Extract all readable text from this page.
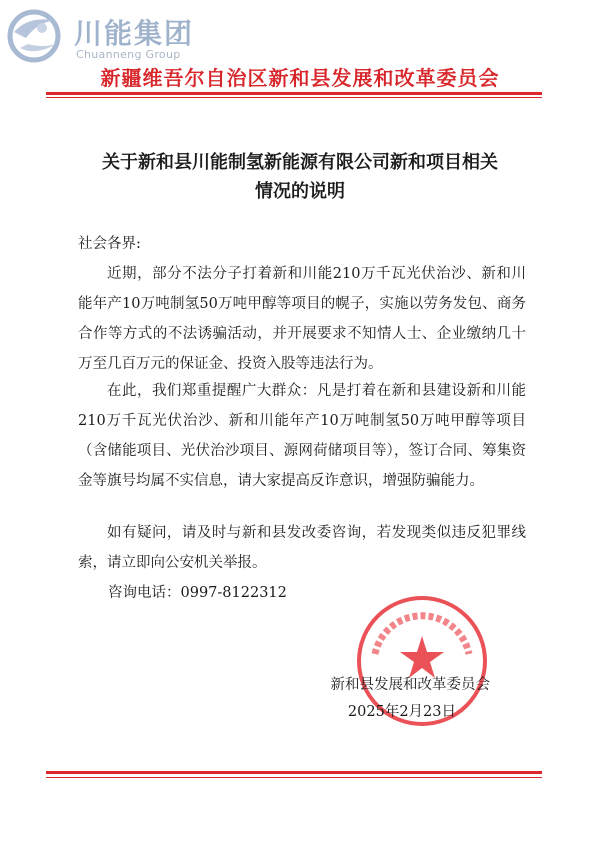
川能集团
Chuanneng Group
新疆维吾尔自治区新和县发展和改革委员会
关于新和县川能制氢新能源有限公司新和项目相关
情况的说明
社会各界:
近期，部分不法分子打着新和川能210万千瓦光伏治沙、新和川能年产10万吨制氢50万吨甲醇等项目的幌子，实施以劳务发包、商务合作等方式的不法诱骗活动，并开展要求不知情人士、企业缴纳几十万至几百万元的保证金、投资入股等违法行为。
在此，我们郑重提醒广大群众：凡是打着在新和县建设新和川能210万千瓦光伏治沙、新和川能年产10万吨制氢50万吨甲醇等项目（含储能项目、光伏治沙项目、源网荷储项目等），签订合同、筹集资金等旗号均属不实信息，请大家提高反诈意识，增强防骗能力。
如有疑问，请及时与新和县发改委咨询，若发现类似违反犯罪线索，请立即向公安机关举报。
咨询电话：0997-8122312
新和县发展和改革委员会
2025年2月23日
